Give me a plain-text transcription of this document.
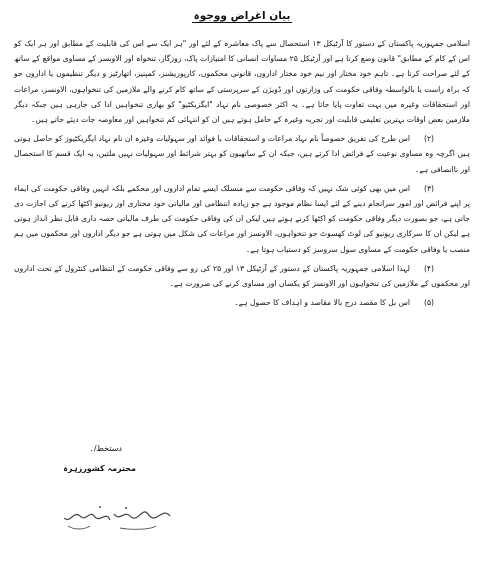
بیان اغراض ووجوہ

اسلامی جمہوریہ پاکستان کے دستور کا آرٹیکل ۱۳ استحصال سے پاک معاشرہ کے لئے اور "ہر ایک سے اس کی قابلیت کے مطابق اور ہر ایک کو اس کے کام کے مطابق" قانون وضع کرتا ہے اور آرٹیکل ۲۵ مساوات انسانی کا امتیازات پاک، روزگار، تنخواہ اور الاونسز کے مساوی مواقع کے ساتھ کے لئے صراحت کرتا ہے۔ تاہم خود مختار اور نیم خود مختار اداروں، قانونی محکموں، کارپوریشنز، کمپنیز، اتھارٹیز و دیگر تنظیموں یا اداروں جو کہ براہ راست یا بالواسطہ وفاقی حکومت کی وزارتوں اور ڈویژن کے سرپرستی کے ساتھ کام کرنے والے ملازمین کی تنخواہوں، الاونسز، مراعات اور استحقاقات وغیرہ میں بہت تفاوت پایا جاتا ہے۔ یہ اکثر خصوصی نام نہاد "ایگزیکٹیو" کو بھاری تنخواہیں ادا کی جارہی ہیں جبکہ دیگر ملازمین بعض اوقات بہترین تعلیمی قابلیت اور تجربہ وغیرہ کے حامل ہوتے ہیں ان کو انتہائی کم تنخواہیں اور معاوضہ جات دیئے جاتے ہیں۔

(۲)اس طرح کی تفریق خصوصاً نام نہاد مراعات و استحقاقات یا فوائد اور سہولیات وغیرہ ان نام نہاد ایگزیکٹیوز کو حاصل ہوتی ہیں اگرچہ وہ مساوی نوعیت کے فرائض ادا کرتے ہیں، جبکہ ان کے ساتھیوں کو بہتر شرائط اور سہولیات نہیں ملتیں، یہ ایک قسم کا استحصال اور ناانصافی ہے۔

(۳)اس میں بھی کوئی شک نہیں کہ وفاقی حکومت سے منسلک ایسے تمام اداروں اور محکمے بلکہ انہیں وفاقی حکومت کی ایماء پر اپنے فرائض اور امور سرانجام دینے کے لئے ایسا نظام موجود ہے جو زیادہ انتظامی اور مالیاتی خود مختاری اور ریونیو اکٹھا کرنے کی اجازت دی جاتی ہے، جو بصورت دیگر وفاقی حکومت کو اکٹھا کرنے ہوتے ہیں لیکن ان کی وفاقی حکومت کی طرف مالیاتی حصہ داری قابل نظر انداز ہوتی ہے لیکن ان کا سرکاری ریونیو کی لوٹ کھسوٹ جو تنخواہوں، الاونسز اور مراعات کی شکل میں ہوتی ہے جو دیگر اداروں اور محکموں میں ہم منصب یا وفاقی حکومت کے مساوی سول سروسز کو دستیاب ہوتا ہے۔

(۴)لہذا اسلامی جمہوریہ پاکستان کے دستور کے آرٹیکل ۱۳ اور ۲۵ کی رو سے وفاقی حکومت کے انتظامی کنٹرول کے تحت اداروں اور محکموں کے ملازمین کی تنخواہوں اور الاونسز کو یکساں اور مساوی کرنے کی ضرورت ہے۔

(۵)اس بل کا مقصد درج بالا مقاصد و اہداف کا حصول ہے۔

دستخط/۔
محترمہ کشورزہرہ
